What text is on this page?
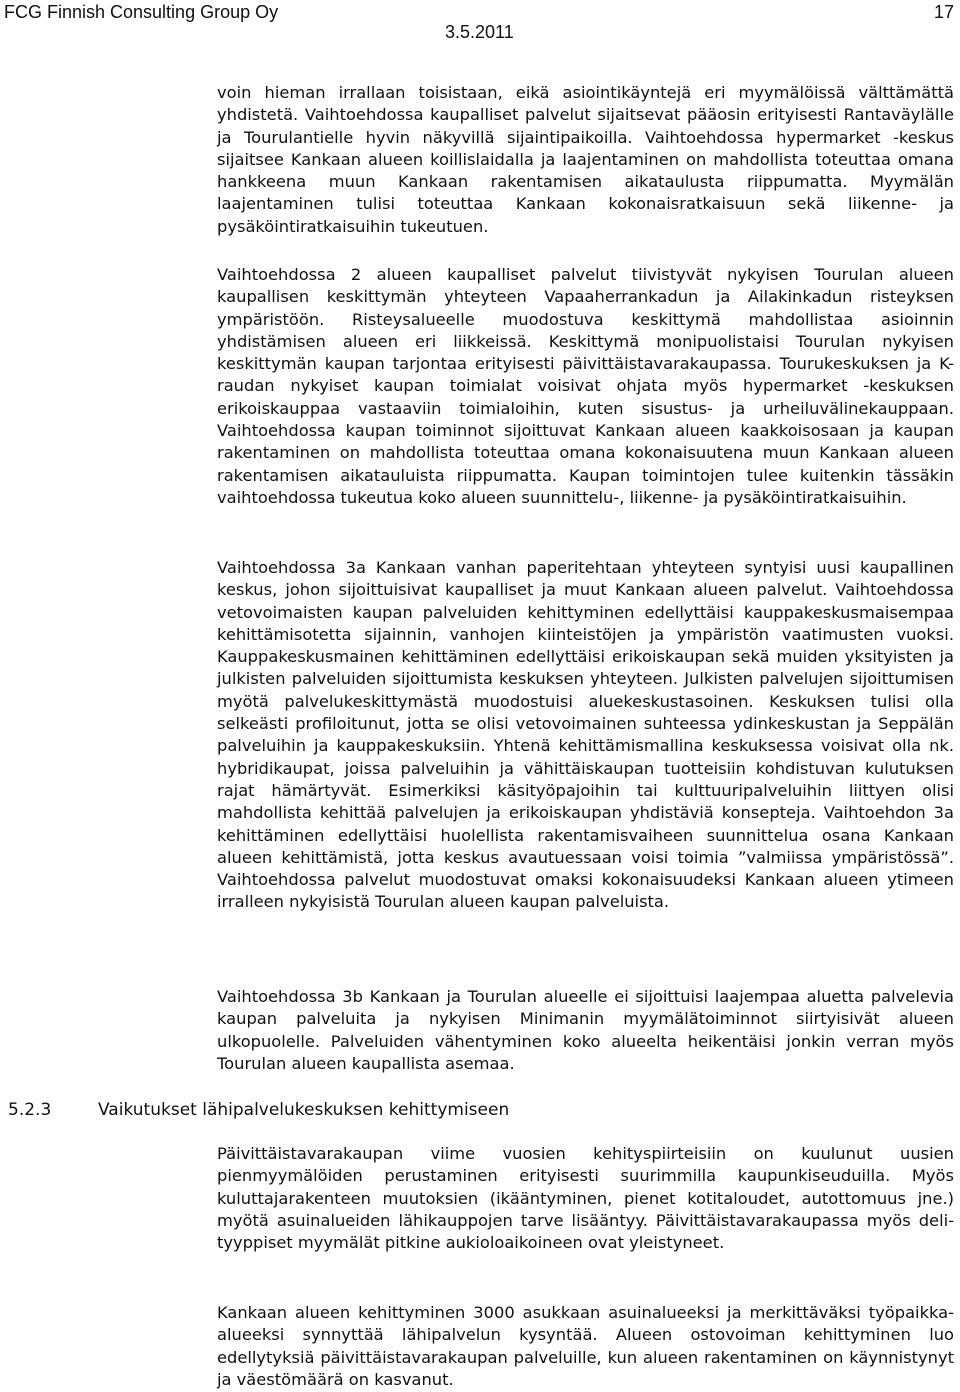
FCG Finnish Consulting Group Oy
3.5.2011
17

voin hieman irrallaan toisistaan, eikä asiointikäyntejä eri myymälöissä välttämättä yhdistetä. Vaihtoehdossa kaupalliset palvelut sijaitsevat pääosin erityisesti Rantaväylälle ja Tourulantielle hyvin näkyvillä sijaintipaikoilla. Vaihtoehdossa hypermarket -keskus sijaitsee Kankaan alueen koillislaidalla ja laajentaminen on mahdollista toteuttaa omana hankkeena muun Kankaan rakentamisen aikataulusta riippumatta. Myymälän laajentaminen tulisi toteuttaa Kankaan kokonaisratkaisuun sekä liikenne- ja pysäköintiratkaisuihin tukeutuen.

Vaihtoehdossa 2 alueen kaupalliset palvelut tiivistyvät nykyisen Tourulan alueen kaupallisen keskittymän yhteyteen Vapaaherrankadun ja Ailakinkadun risteyksen ympäristöön. Risteysalueelle muodostuva keskittymä mahdollistaa asioinnin yhdistämisen alueen eri liikkeissä. Keskittymä monipuolistaisi Tourulan nykyisen keskittymän kaupan tarjontaa erityisesti päivittäistavarakaupassa. Tourukeskuksen ja K-raudan nykyiset kaupan toimialat voisivat ohjata myös hypermarket -keskuksen erikoiskauppaa vastaaviin toimialoihin, kuten sisustus- ja urheiluvälinekauppaan. Vaihtoehdossa kaupan toiminnot sijoittuvat Kankaan alueen kaakkoisosaan ja kaupan rakentaminen on mahdollista toteuttaa omana kokonaisuutena muun Kankaan alueen rakentamisen aikatauluista riippumatta. Kaupan toimintojen tulee kuitenkin tässäkin vaihtoehdossa tukeutua koko alueen suunnittelu-, liikenne- ja pysäköintiratkaisuihin.

Vaihtoehdossa 3a Kankaan vanhan paperitehtaan yhteyteen syntyisi uusi kaupallinen keskus, johon sijoittuisivat kaupalliset ja muut Kankaan alueen palvelut. Vaihtoehdossa vetovoimaisten kaupan palveluiden kehittyminen edellyttäisi kauppakeskusmaisempaa kehittämisotetta sijainnin, vanhojen kiinteistöjen ja ympäristön vaatimusten vuoksi. Kauppakeskusmainen kehittäminen edellyttäisi erikoiskaupan sekä muiden yksityisten ja julkisten palveluiden sijoittumista keskuksen yhteyteen. Julkisten palvelujen sijoittumisen myötä palvelukeskittymästä muodostuisi aluekeskustasoinen. Keskuksen tulisi olla selkeästi profiloitunut, jotta se olisi vetovoimainen suhteessa ydinkeskustan ja Seppälän palveluihin ja kauppakeskuksiin. Yhtenä kehittämismallina keskuksessa voisivat olla nk. hybridikaupat, joissa palveluihin ja vähittäiskaupan tuotteisiin kohdistuvan kulutuksen rajat hämärtyvät. Esimerkiksi käsityöpajoihin tai kulttuuripalveluihin liittyen olisi mahdollista kehittää palvelujen ja erikoiskaupan yhdistäviä konsepteja. Vaihtoehdon 3a kehittäminen edellyttäisi huolellista rakentamisvaiheen suunnittelua osana Kankaan alueen kehittämistä, jotta keskus avautuessaan voisi toimia ”valmiissa ympäristössä”. Vaihtoehdossa palvelut muodostuvat omaksi kokonaisuudeksi Kankaan alueen ytimeen irralleen nykyisistä Tourulan alueen kaupan palveluista.

Vaihtoehdossa 3b Kankaan ja Tourulan alueelle ei sijoittuisi laajempaa aluetta palvelevia kaupan palveluita ja nykyisen Minimanin myymälätoiminnot siirtyisivät alueen ulkopuolelle. Palveluiden vähentyminen koko alueelta heikentäisi jonkin verran myös Tourulan alueen kaupallista asemaa.

5.2.3	Vaikutukset lähipalvelukeskuksen kehittymiseen

Päivittäistavarakaupan viime vuosien kehityspiirteisiin on kuulunut uusien pienmyymälöiden perustaminen erityisesti suurimmilla kaupunkiseuduilla. Myös kuluttajarakenteen muutoksien (ikääntyminen, pienet kotitaloudet, autottomuus jne.) myötä asuinalueiden lähikauppojen tarve lisääntyy. Päivittäistavarakaupassa myös deli-tyyppiset myymälät pitkine aukioloaikoineen ovat yleistyneet.

Kankaan alueen kehittyminen 3000 asukkaan asuinalueeksi ja merkittäväksi työpaikka-alueeksi synnyttää lähipalvelun kysyntää. Alueen ostovoiman kehittyminen luo edellytyksiä päivittäistavarakaupan palveluille, kun alueen rakentaminen on käynnistynyt ja väestömäärä on kasvanut.
